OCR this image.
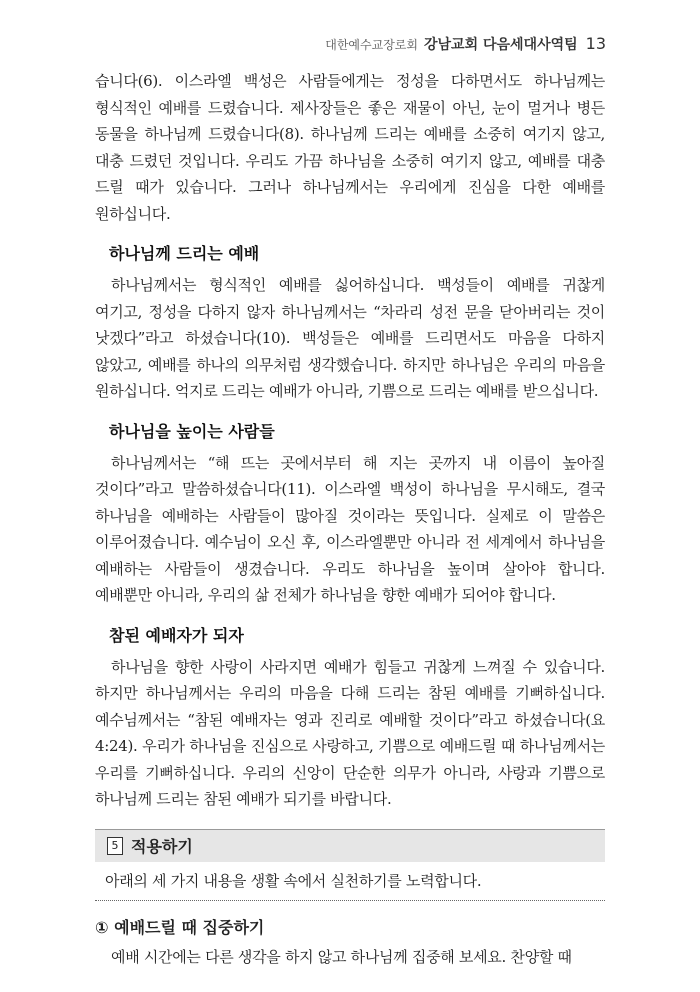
대한예수교장로회 강남교회 다음세대사역팀 13

습니다(6). 이스라엘 백성은 사람들에게는 정성을 다하면서도 하나님께는 형식적인 예배를 드렸습니다. 제사장들은 좋은 재물이 아닌, 눈이 멀거나 병든 동물을 하나님께 드렸습니다(8). 하나님께 드리는 예배를 소중히 여기지 않고, 대충 드렸던 것입니다. 우리도 가끔 하나님을 소중히 여기지 않고, 예배를 대충 드릴 때가 있습니다. 그러나 하나님께서는 우리에게 진심을 다한 예배를 원하십니다.

하나님께 드리는 예배

하나님께서는 형식적인 예배를 싫어하십니다. 백성들이 예배를 귀찮게 여기고, 정성을 다하지 않자 하나님께서는 “차라리 성전 문을 닫아버리는 것이 낫겠다”라고 하셨습니다(10). 백성들은 예배를 드리면서도 마음을 다하지 않았고, 예배를 하나의 의무처럼 생각했습니다. 하지만 하나님은 우리의 마음을 원하십니다. 억지로 드리는 예배가 아니라, 기쁨으로 드리는 예배를 받으십니다.

하나님을 높이는 사람들

하나님께서는 “해 뜨는 곳에서부터 해 지는 곳까지 내 이름이 높아질 것이다”라고 말씀하셨습니다(11). 이스라엘 백성이 하나님을 무시해도, 결국 하나님을 예배하는 사람들이 많아질 것이라는 뜻입니다. 실제로 이 말씀은 이루어졌습니다. 예수님이 오신 후, 이스라엘뿐만 아니라 전 세계에서 하나님을 예배하는 사람들이 생겼습니다. 우리도 하나님을 높이며 살아야 합니다. 예배뿐만 아니라, 우리의 삶 전체가 하나님을 향한 예배가 되어야 합니다.

참된 예배자가 되자

하나님을 향한 사랑이 사라지면 예배가 힘들고 귀찮게 느껴질 수 있습니다. 하지만 하나님께서는 우리의 마음을 다해 드리는 참된 예배를 기뻐하십니다. 예수님께서는 “참된 예배자는 영과 진리로 예배할 것이다”라고 하셨습니다(요 4:24). 우리가 하나님을 진심으로 사랑하고, 기쁨으로 예배드릴 때 하나님께서는 우리를 기뻐하십니다. 우리의 신앙이 단순한 의무가 아니라, 사랑과 기쁨으로 하나님께 드리는 참된 예배가 되기를 바랍니다.

5 적용하기
아래의 세 가지 내용을 생활 속에서 실천하기를 노력합니다.
① 예배드릴 때 집중하기

예배 시간에는 다른 생각을 하지 않고 하나님께 집중해 보세요. 찬양할 때
